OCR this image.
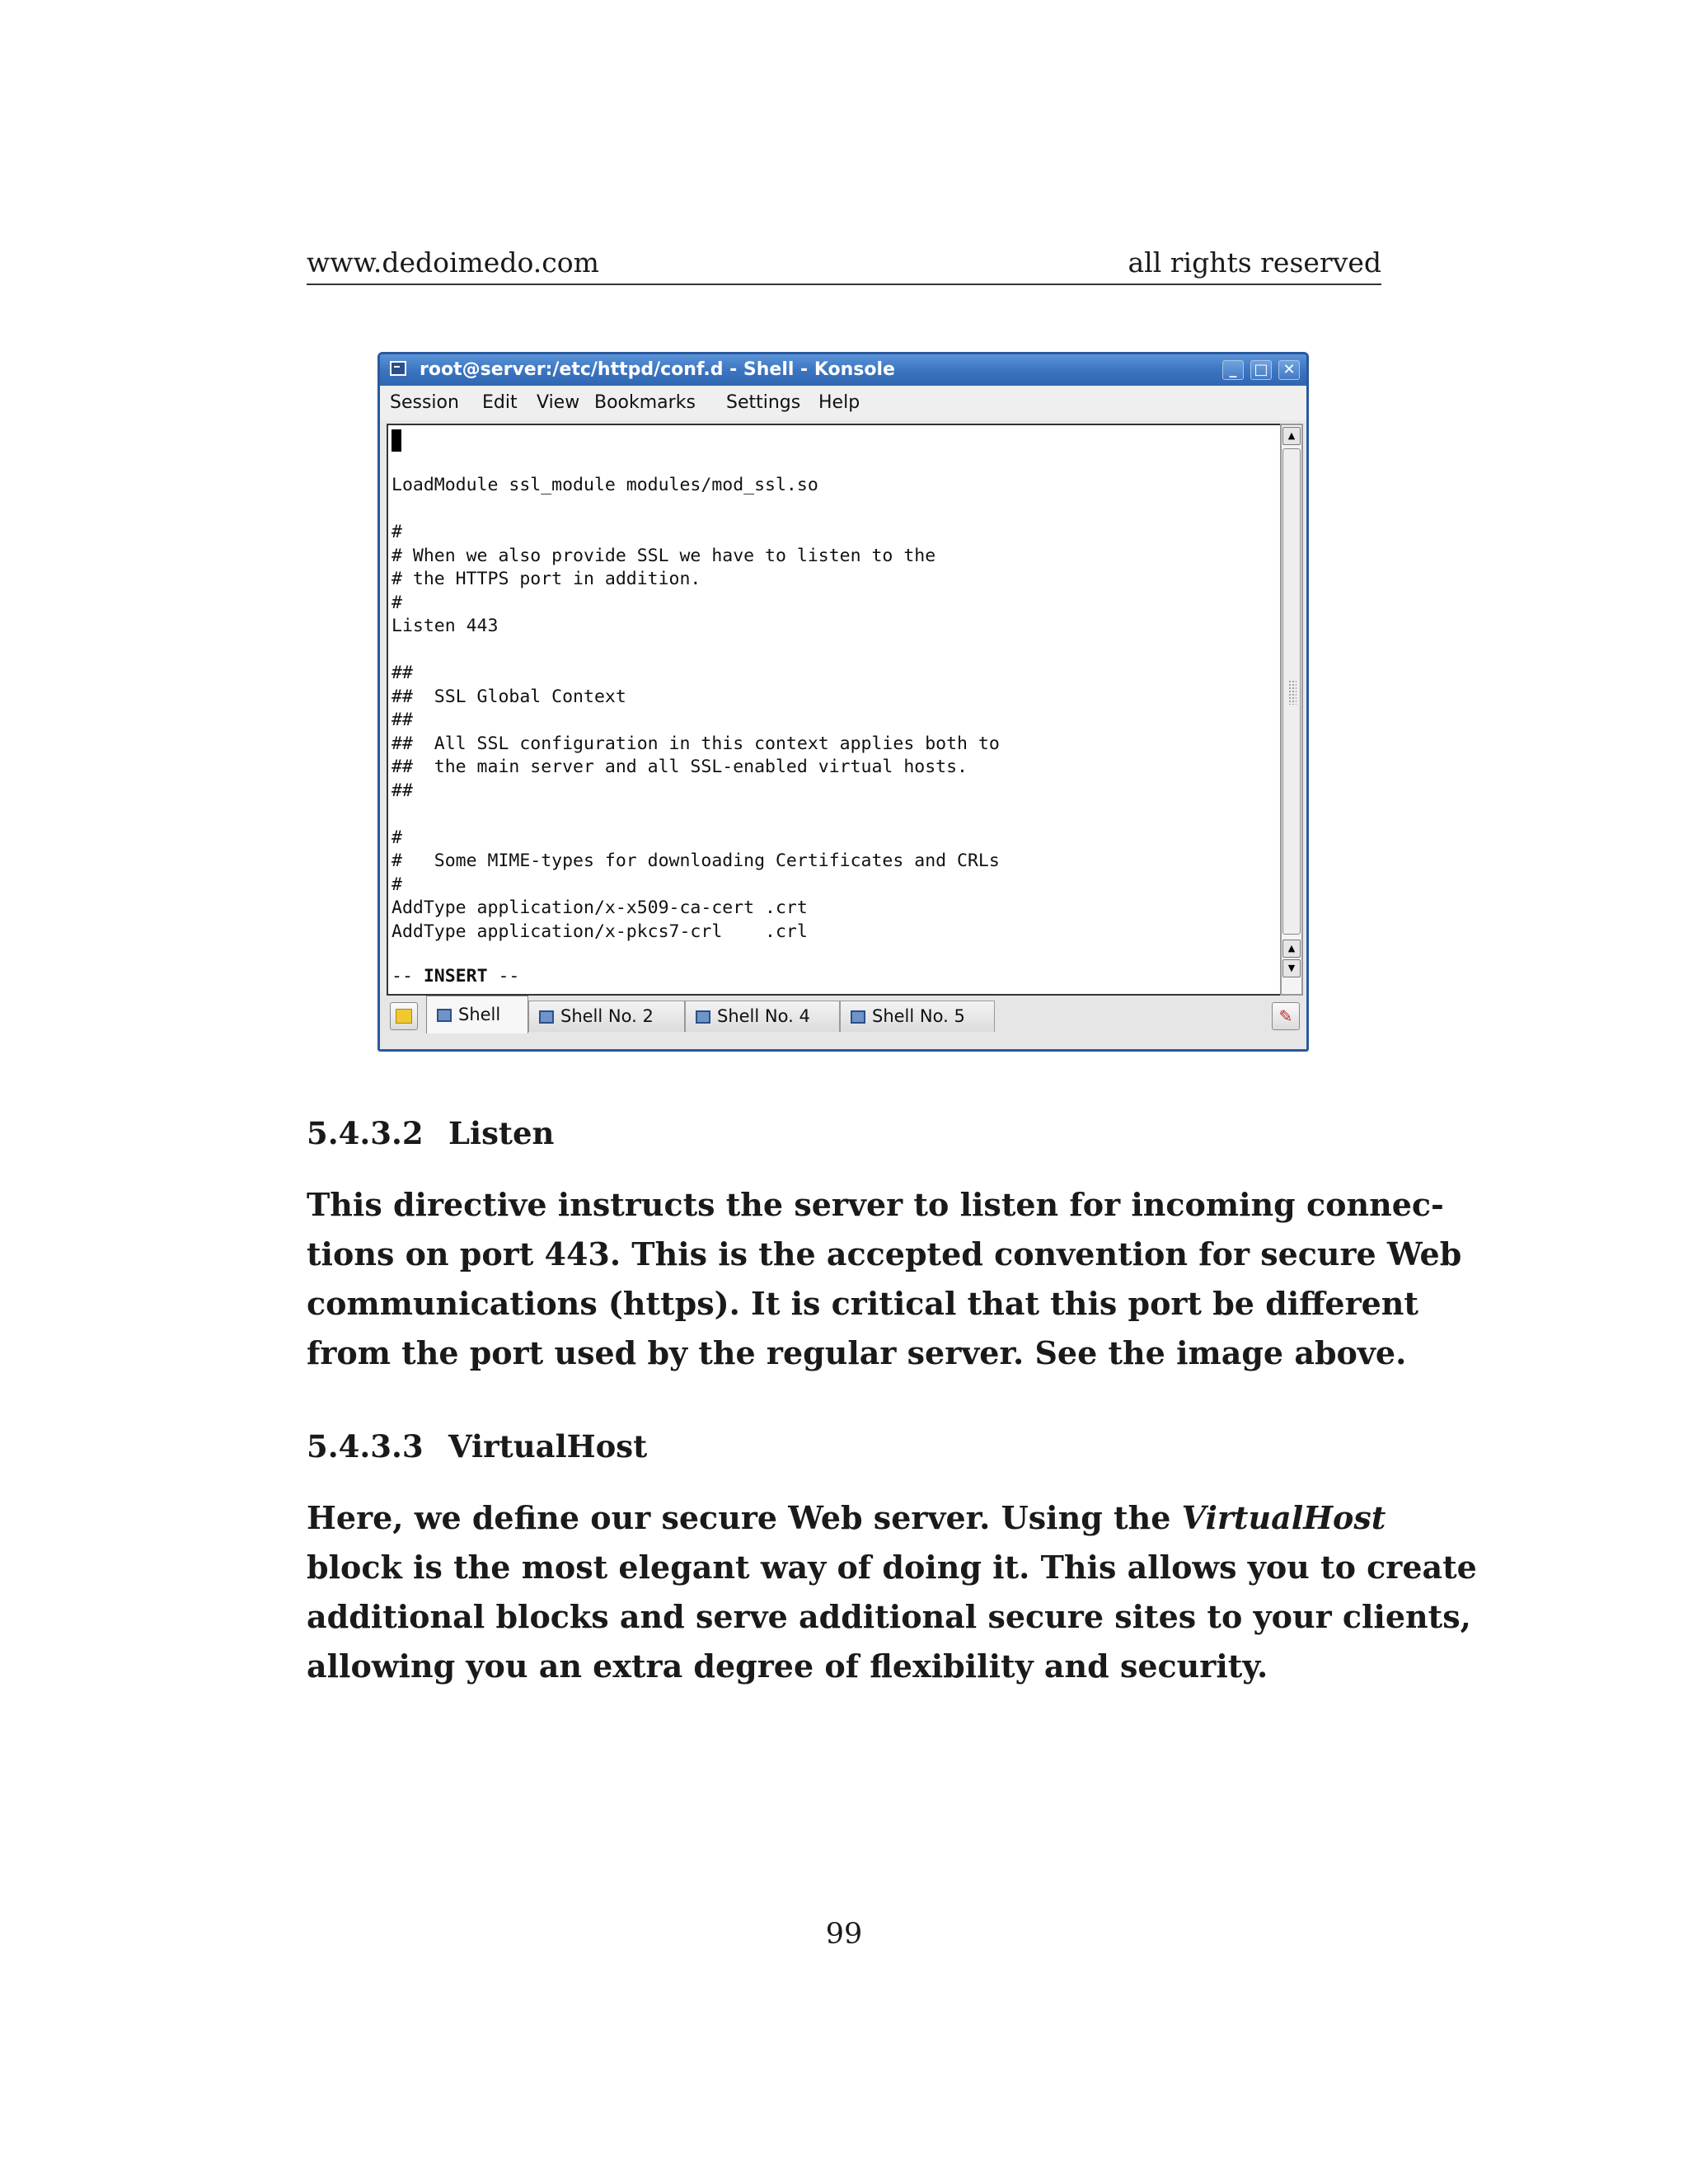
www.dedoimedo.com	all rights reserved
root@server:/etc/httpd/conf.d - Shell - Konsole	_	□ ✕
Session Edit View Bookmarks Settings Help

LoadModule ssl_module modules/mod_ssl.so

#
# When we also provide SSL we have to listen to the
# the HTTPS port in addition.
#
Listen 443

##
##  SSL Global Context
##
##  All SSL configuration in this context applies both to
##  the main server and all SSL-enabled virtual hosts.
##

#
#   Some MIME-types for downloading Certificates and CRLs
#
AddType application/x-x509-ca-cert .crt
AddType application/x-pkcs7-crl    .crl
-- INSERT --
▲
▲
▼
Shell	Shell No. 2	Shell No. 4	Shell No. 5	✎
5.4.3.2 Listen
This directive instructs the server to listen for incoming connec-
tions on port 443. This is the accepted convention for secure Web
communications (https). It is critical that this port be different
from the port used by the regular server. See the image above.
5.4.3.3 VirtualHost
Here, we define our secure Web server. Using the VirtualHost
block is the most elegant way of doing it. This allows you to create
additional blocks and serve additional secure sites to your clients,
allowing you an extra degree of flexibility and security.
99
